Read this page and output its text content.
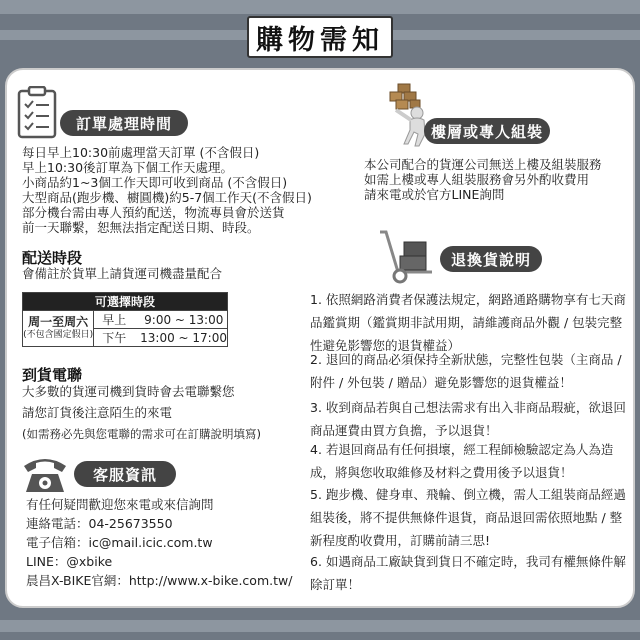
購物需知
訂單處理時間
每日早上10:30前處理當天訂單 (不含假日)
早上10:30後訂單為下個工作天處理。
小商品約1~3個工作天即可收到商品 (不含假日)
大型商品(跑步機、櫥圓機)約5-7個工作天(不含假日)
部分機台需由專人預約配送，物流專員會於送貨
前一天聯繫，恕無法指定配送日期、時段。
配送時段
會備註於貨單上請貨運司機盡量配合
可選擇時段

周一至周六
(不包含國定假日)
	早上 9:00 ~ 13:00
下午 13:00 ~ 17:00
到貨電聯
大多數的貨運司機到貨時會去電聯繫您
請您訂貨後注意陌生的來電
(如需務必先與您電聯的需求可在訂購說明填寫)
客服資訊
有任何疑問歡迎您來電或來信詢問
連絡電話：04-25673550
電子信箱：ic@mail.icic.com.tw
LINE：@xbike
晨昌X-BIKE官網：http://www.x-bike.com.tw/
樓層或專人組裝
本公司配合的貨運公司無送上樓及組裝服務
如需上樓或專人組裝服務會另外酌收費用
請來電或於官方LINE詢問
退換貨說明
1. 依照網路消費者保護法規定，網路通路購物享有七天商品鑑賞期（鑑賞期非試用期，請維護商品外觀 / 包裝完整性避免影響您的退貨權益）
2. 退回的商品必須保持全新狀態，完整性包裝（主商品 / 附件 / 外包裝 / 贈品）避免影響您的退貨權益！
3. 收到商品若與自己想法需求有出入非商品瑕疵，欲退回商品運費由買方負擔，予以退貨！
4. 若退回商品有任何損壞，經工程師檢驗認定為人為造成，將與您收取維修及材料之費用後予以退貨！
5. 跑步機、健身車、飛輪、倒立機，需人工組裝商品經過組裝後，將不提供無條件退貨，商品退回需依照地點 / 整新程度酌收費用，訂購前請三思!
6. 如遇商品工廠缺貨到貨日不確定時，我司有權無條件解除訂單！
